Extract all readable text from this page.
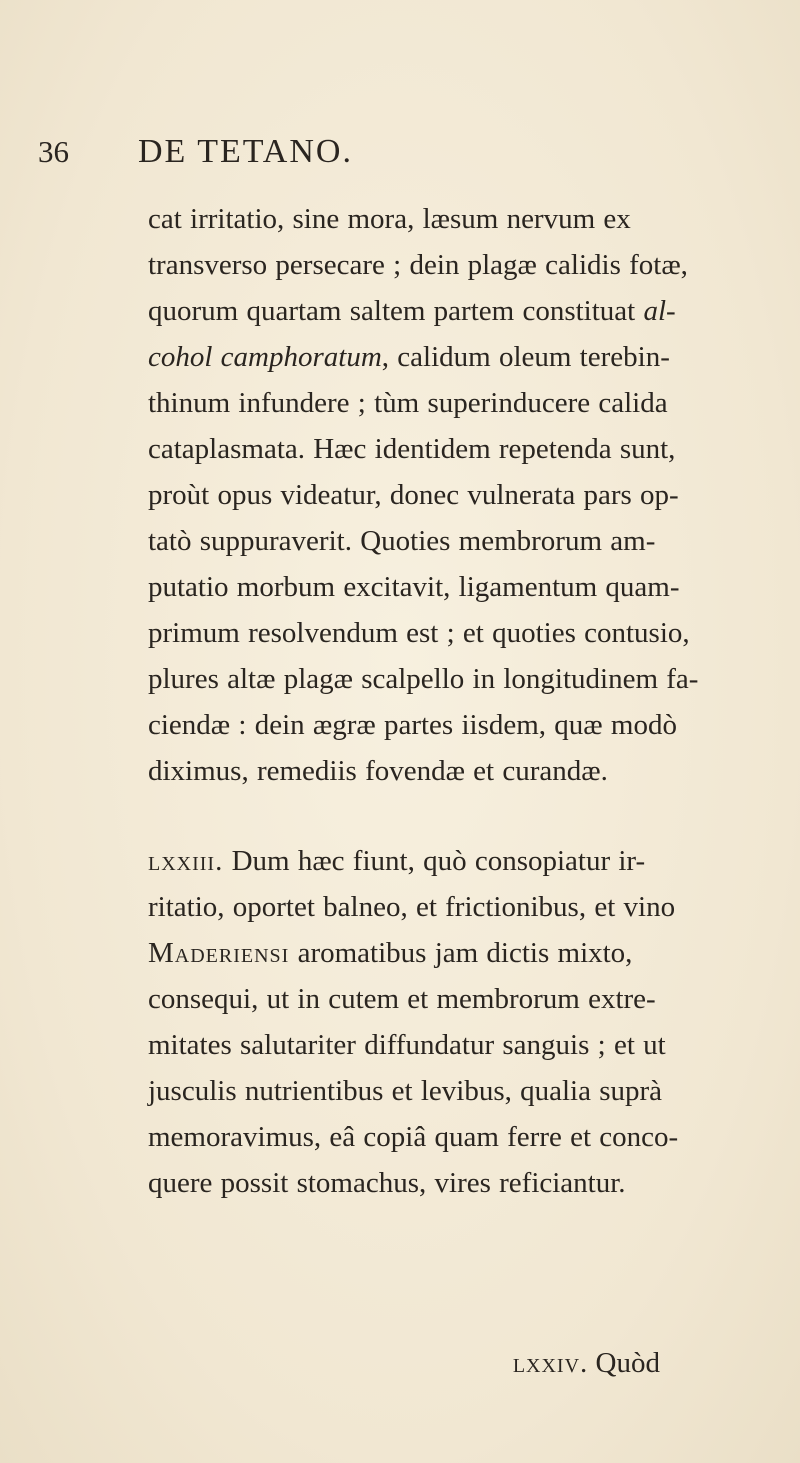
36 DE TETANO.
cat irritatio, sine mora, læsum nervum ex
transverso persecare ; dein plagæ calidis fotæ,
quorum quartam saltem partem constituat al-
cohol camphoratum, calidum oleum terebin-
thinum infundere ; tùm superinducere calida
cataplasmata. Hæc identidem repetenda sunt,
proùt opus videatur, donec vulnerata pars op-
tatò suppuraverit. Quoties membrorum am-
putatio morbum excitavit, ligamentum quam-
primum resolvendum est ; et quoties contusio,
plures altæ plagæ scalpello in longitudinem fa-
ciendæ : dein ægræ partes iisdem, quæ modò
diximus, remediis fovendæ et curandæ.
lxxiii. Dum hæc fiunt, quò consopiatur ir-
ritatio, oportet balneo, et frictionibus, et vino
Maderiensi aromatibus jam dictis mixto,
consequi, ut in cutem et membrorum extre-
mitates salutariter diffundatur sanguis ; et ut
jusculis nutrientibus et levibus, qualia suprà
memoravimus, eâ copiâ quam ferre et conco-
quere possit stomachus, vires reficiantur.
lxxiv. Quòd
